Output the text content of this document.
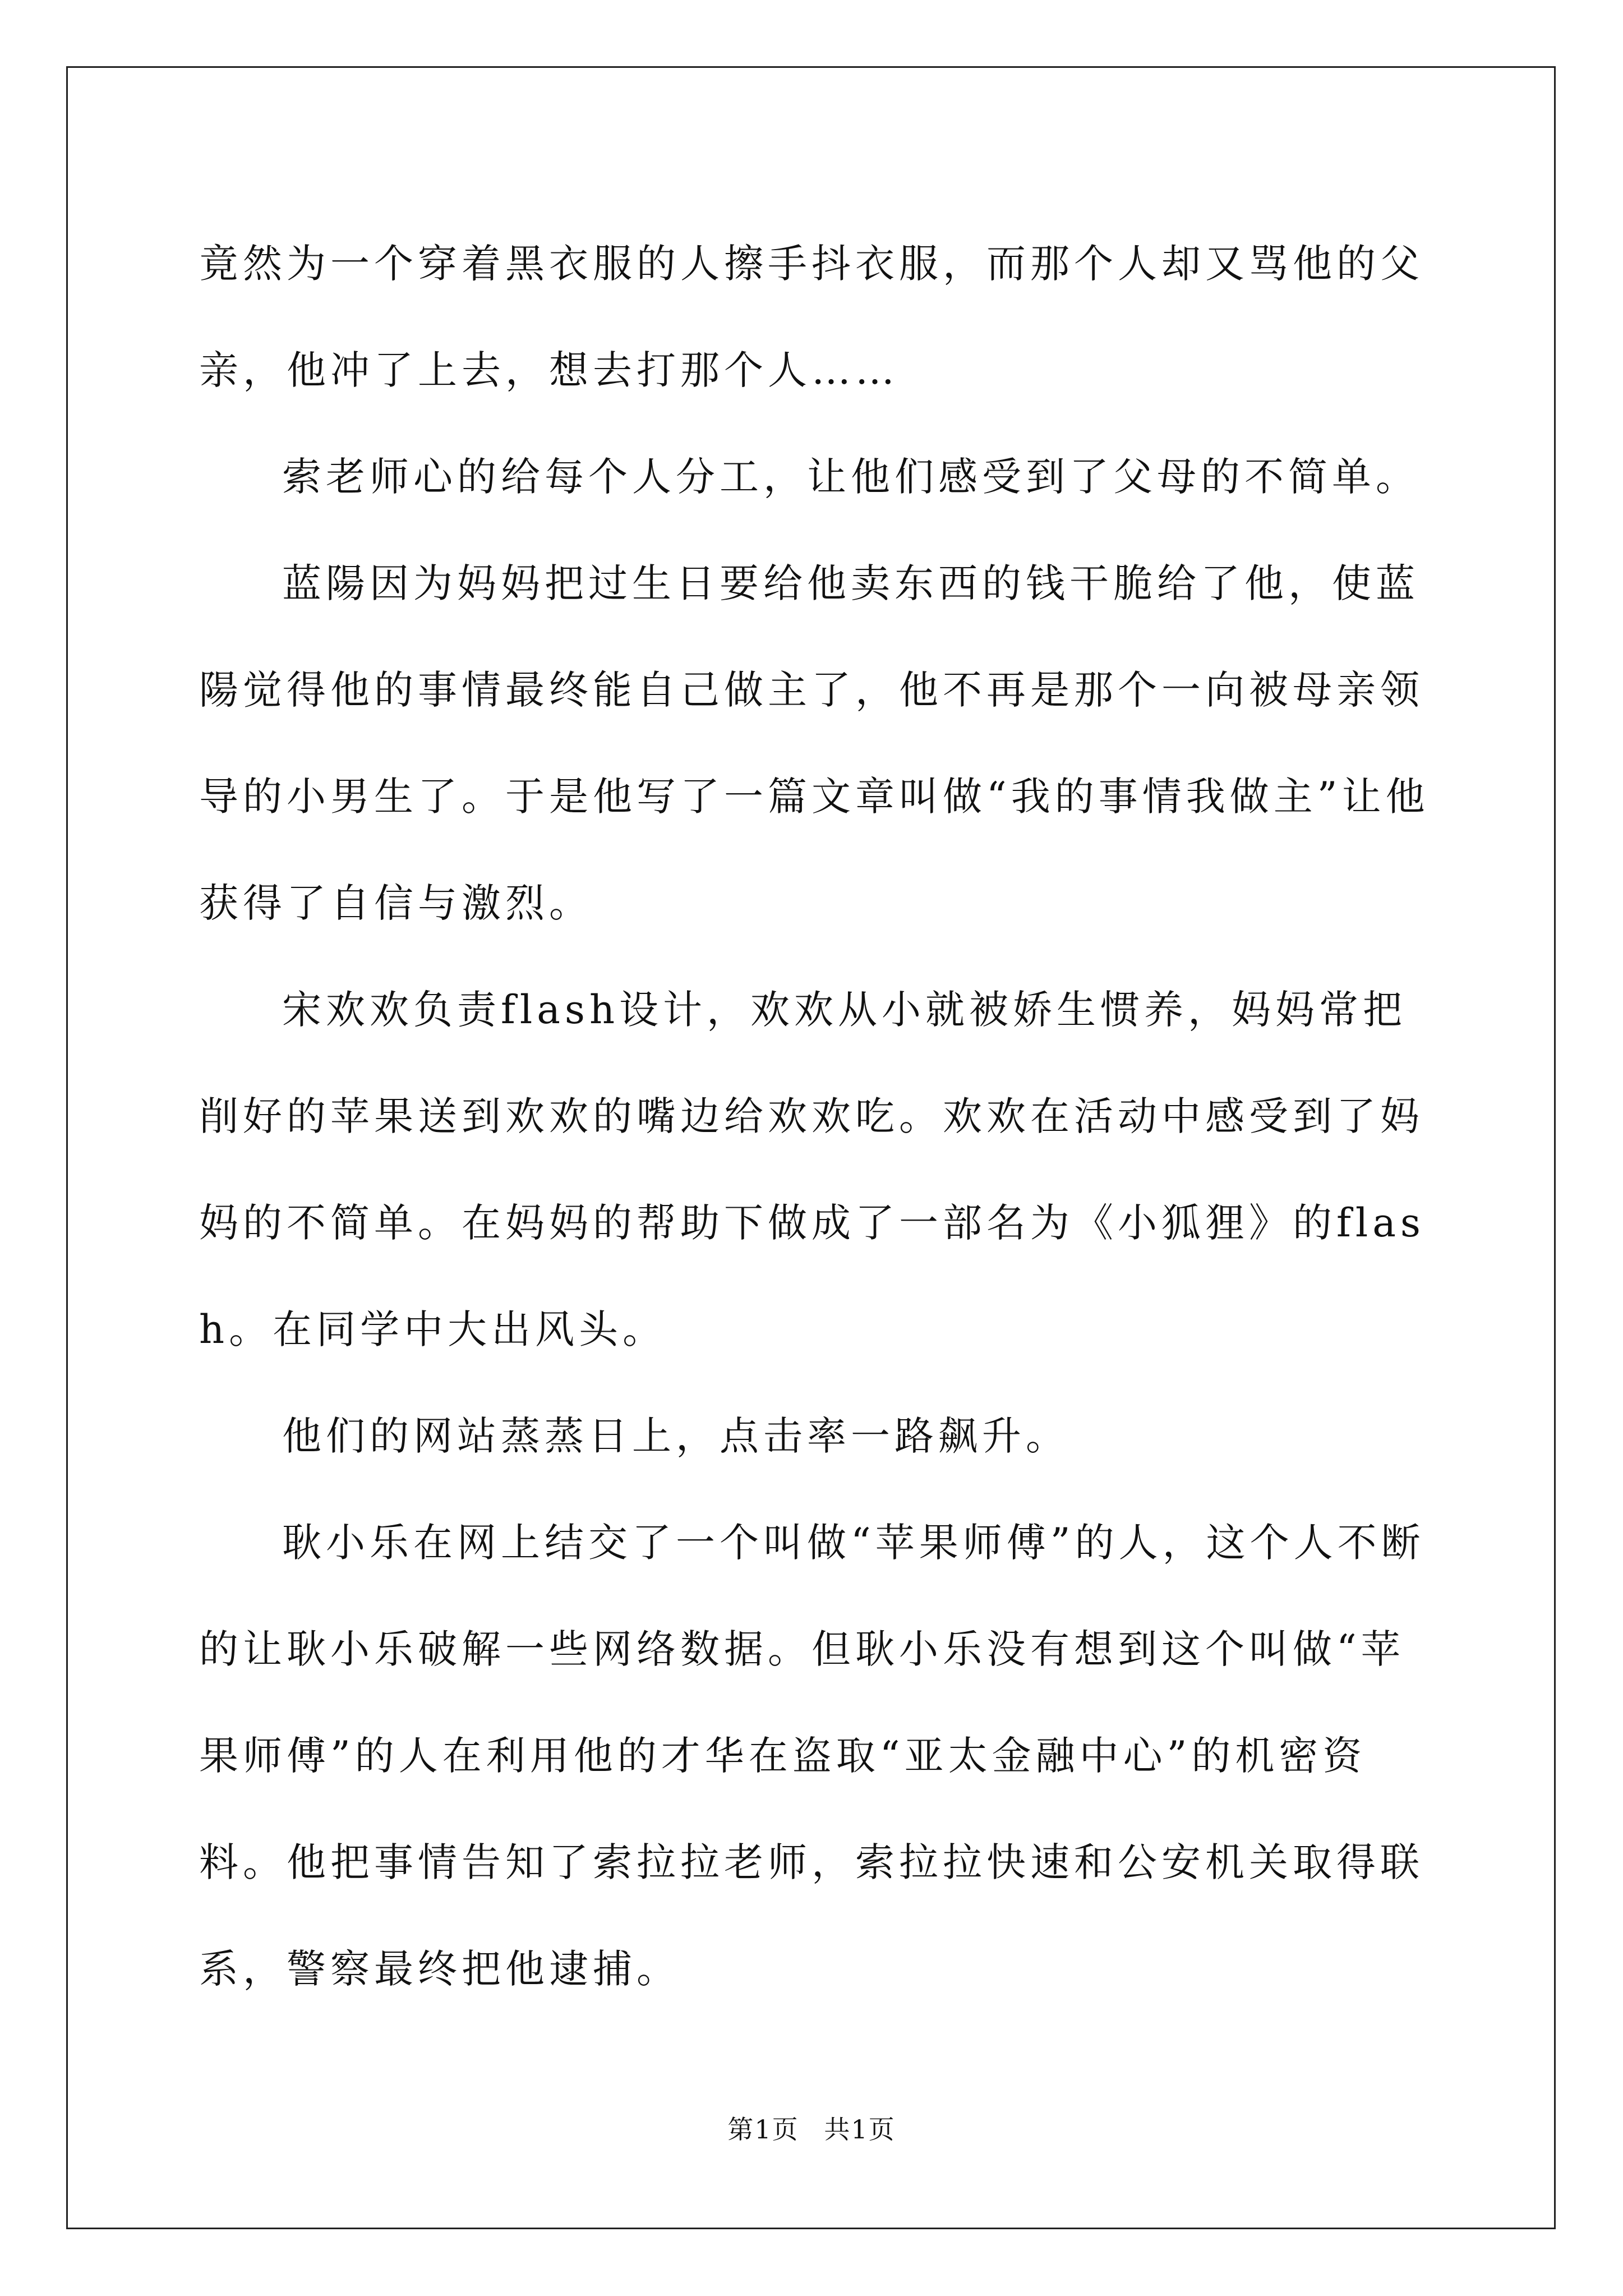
竟然为一个穿着黑衣服的人擦手抖衣服，而那个人却又骂他的父亲，他冲了上去，想去打那个人……

索老师心的给每个人分工，让他们感受到了父母的不简单。

蓝陽因为妈妈把过生日要给他卖东西的钱干脆给了他，使蓝陽觉得他的事情最终能自己做主了，他不再是那个一向被母亲领导的小男生了。于是他写了一篇文章叫做“我的事情我做主”让他获得了自信与激烈。

宋欢欢负责flash设计，欢欢从小就被娇生惯养，妈妈常把削好的苹果送到欢欢的嘴边给欢欢吃。欢欢在活动中感受到了妈妈的不简单。在妈妈的帮助下做成了一部名为《小狐狸》的flash。在同学中大出风头。

他们的网站蒸蒸日上，点击率一路飙升。

耿小乐在网上结交了一个叫做“苹果师傅”的人，这个人不断的让耿小乐破解一些网络数据。但耿小乐没有想到这个叫做“苹果师傅”的人在利用他的才华在盗取“亚太金融中心”的机密资料。他把事情告知了索拉拉老师，索拉拉快速和公安机关取得联系，警察最终把他逮捕。

第1页 共1页
